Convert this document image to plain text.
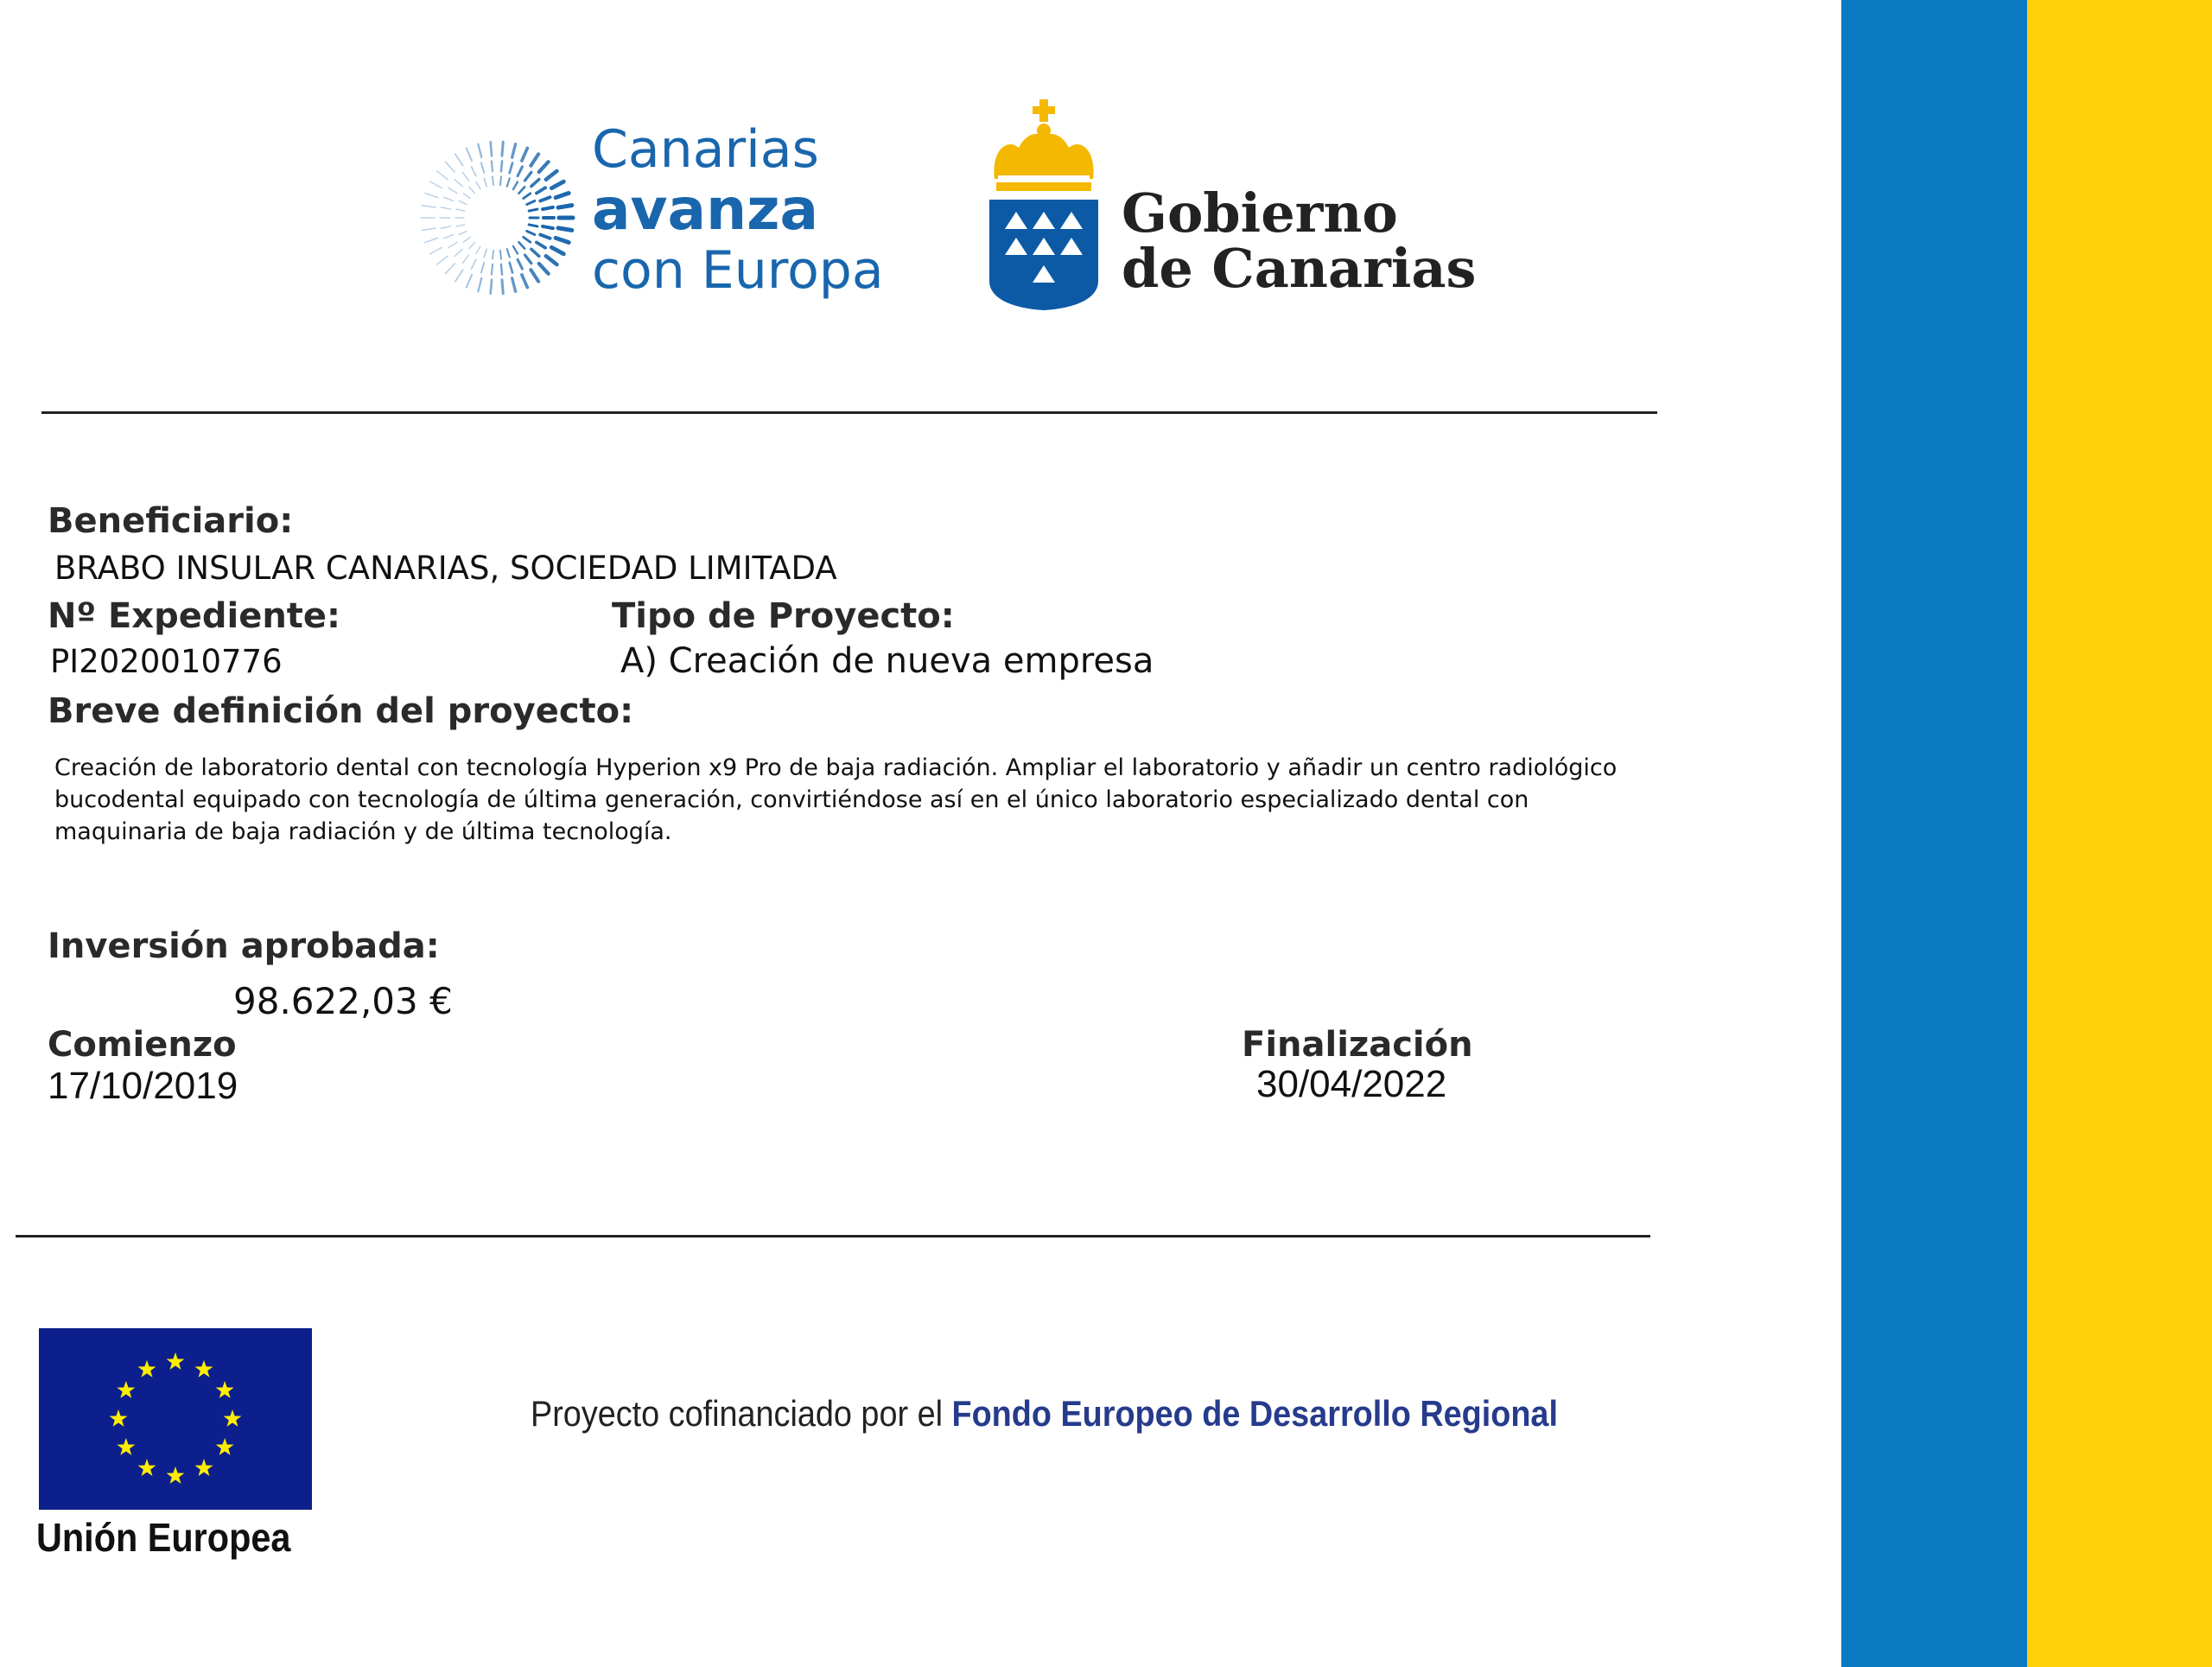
Canarias
avanza
con Europa
Gobierno
de Canarias
Beneficiario:
BRABO INSULAR CANARIAS, SOCIEDAD LIMITADA
Nº Expediente:
PI2020010776
Tipo de Proyecto:
A) Creación de nueva empresa
Breve definición del proyecto:
Creación de laboratorio dental con tecnología Hyperion x9 Pro de baja radiación. Ampliar el laboratorio y añadir un centro radiológico bucodental equipado con tecnología de última generación, convirtiéndose así en el único laboratorio especializado dental con maquinaria de baja radiación y de última tecnología.
Inversión aprobada:
98.622,03 €
Comienzo
17/10/2019
Finalización
30/04/2022
Unión Europea
Proyecto cofinanciado por el Fondo Europeo de Desarrollo Regional
